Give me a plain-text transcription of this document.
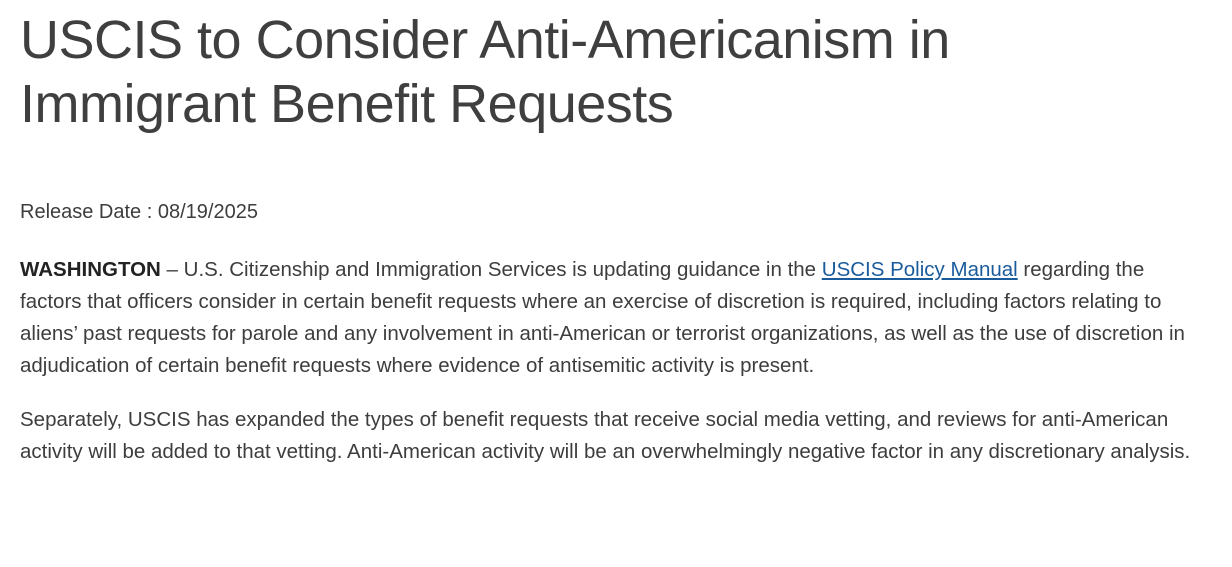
USCIS to Consider Anti-Americanism in
Immigrant Benefit Requests
Release Date : 08/19/2025

WASHINGTON – U.S. Citizenship and Immigration Services is updating guidance in the USCIS Policy Manual regarding the factors that officers consider in certain benefit requests where an exercise of discretion is required, including factors relating to aliens’ past requests for parole and any involvement in anti-American or terrorist organizations, as well as the use of discretion in adjudication of certain benefit requests where evidence of antisemitic activity is present.

Separately, USCIS has expanded the types of benefit requests that receive social media vetting, and reviews for anti-American activity will be added to that vetting. Anti-American activity will be an overwhelmingly negative factor in any discretionary analysis.
